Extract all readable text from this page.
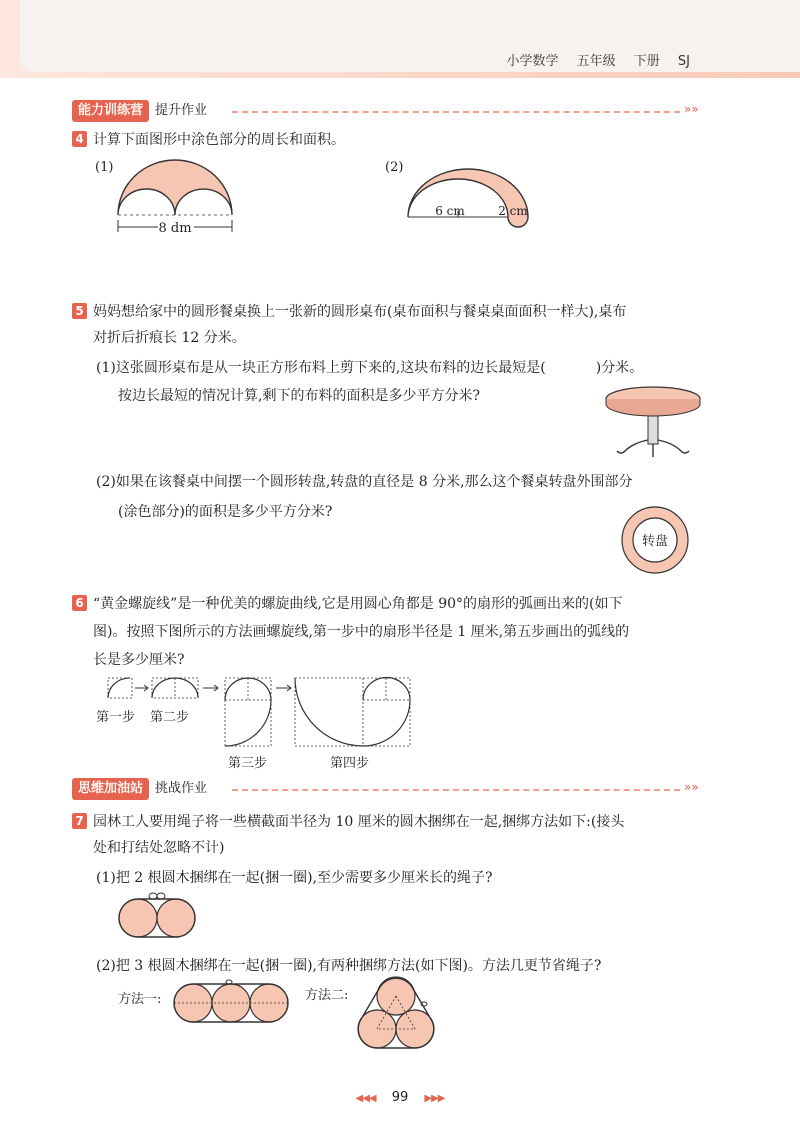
小学数学 五年级 下册 SJ
能力训练营 提升作业	»»
4 计算下面图形中涂色部分的周长和面积。
(1)
8 dm
(2)
6 cm	2 cm
5 妈妈想给家中的圆形餐桌换上一张新的圆形桌布(桌布面积与餐桌桌面面积一样大),桌布
对折后折痕长 12 分米。
(1)这张圆形桌布是从一块正方形布料上剪下来的,这块布料的边长最短是(	)分米。
按边长最短的情况计算,剩下的布料的面积是多少平方分米?
(2)如果在该餐桌中间摆一个圆形转盘,转盘的直径是 8 分米,那么这个餐桌转盘外围部分
(涂色部分)的面积是多少平方分米?
转盘
6 “黄金螺旋线”是一种优美的螺旋曲线,它是用圆心角都是 90°的扇形的弧画出来的(如下
图)。按照下图所示的方法画螺旋线,第一步中的扇形半径是 1 厘米,第五步画出的弧线的
长是多少厘米?
第一步 第二步
第三步	第四步
思维加油站 挑战作业	»»
7 园林工人要用绳子将一些横截面半径为 10 厘米的圆木捆绑在一起,捆绑方法如下:(接头
处和打结处忽略不计)
(1)把 2 根圆木捆绑在一起(捆一圈),至少需要多少厘米长的绳子?
(2)把 3 根圆木捆绑在一起(捆一圈),有两种捆绑方法(如下图)。方法几更节省绳子?
方法一:	方法二:
◀◀◀ 99 ▶▶▶
